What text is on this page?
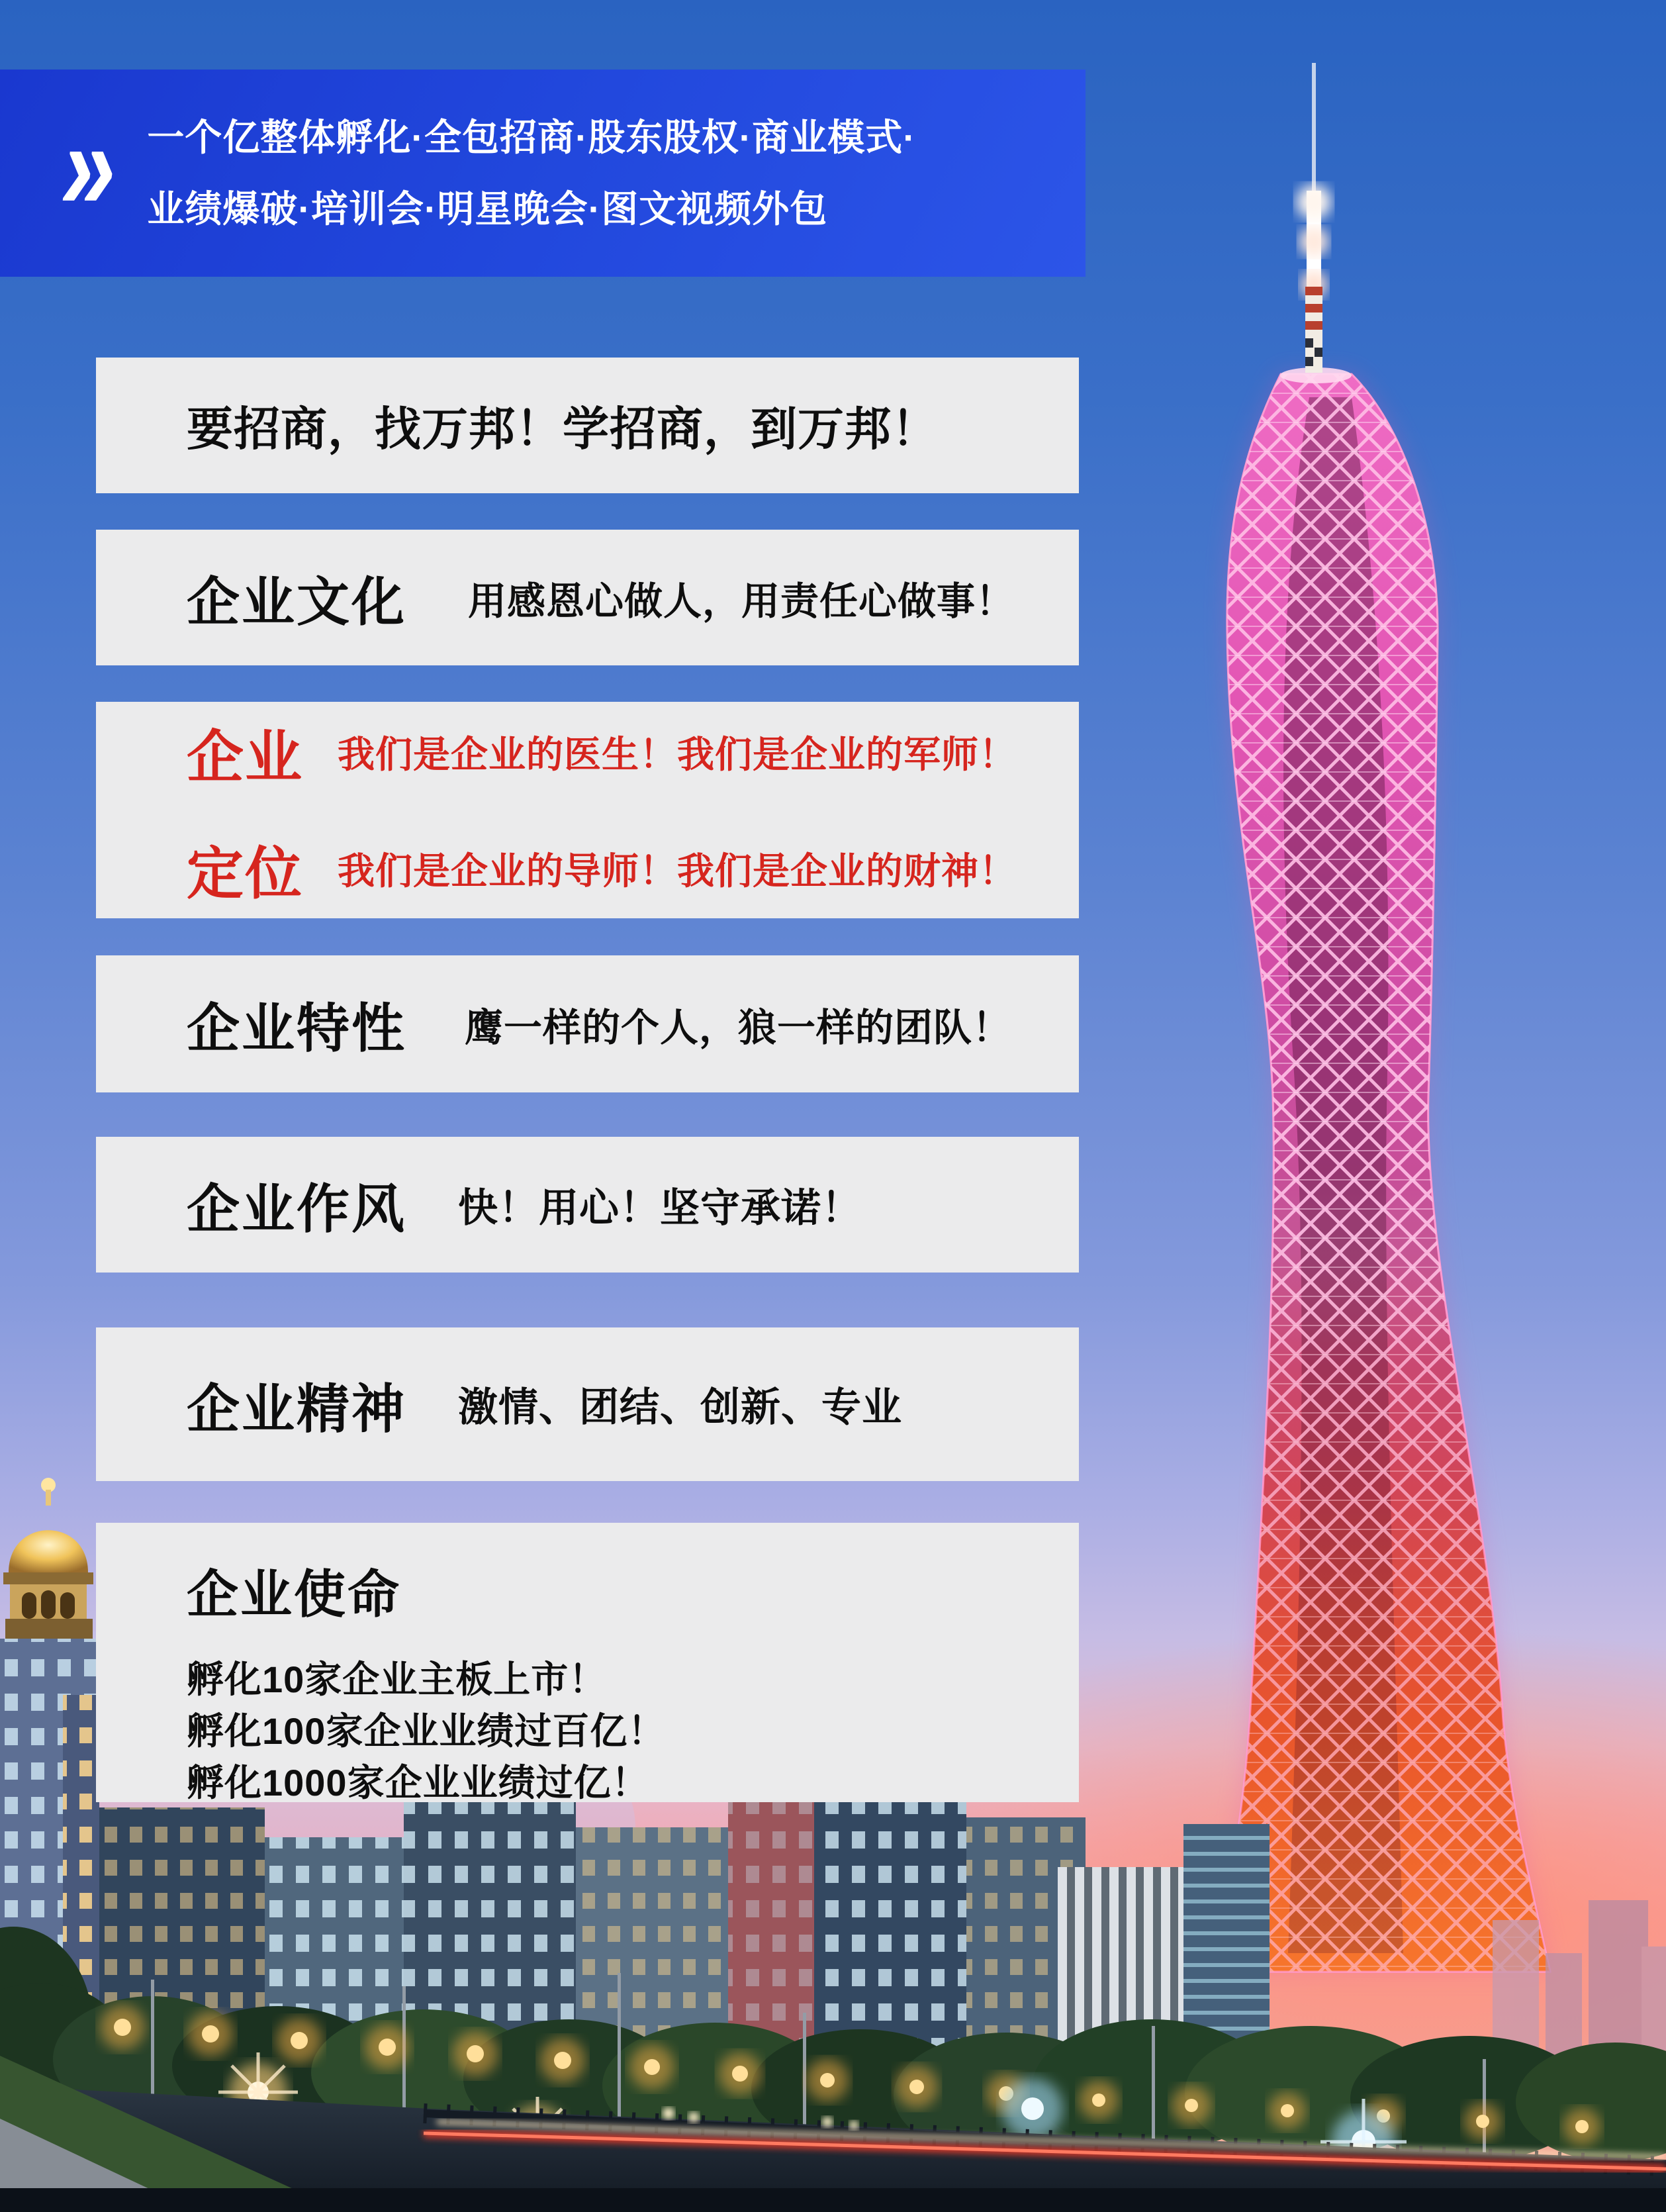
» 一个亿整体孵化·全包招商·股东股权·商业模式·
业绩爆破·培训会·明星晚会·图文视频外包

要招商，找万邦！学招商，到万邦！

企业文化 用感恩心做人，用责任心做事！

企业 我们是企业的医生！我们是企业的军师！

定位 我们是企业的导师！我们是企业的财神！

企业特性 鹰一样的个人，狼一样的团队！

企业作风 快！用心！坚守承诺！

企业精神 激情、团结、创新、专业

企业使命

孵化10家企业主板上市！

孵化100家企业业绩过百亿！

孵化1000家企业业绩过亿！
